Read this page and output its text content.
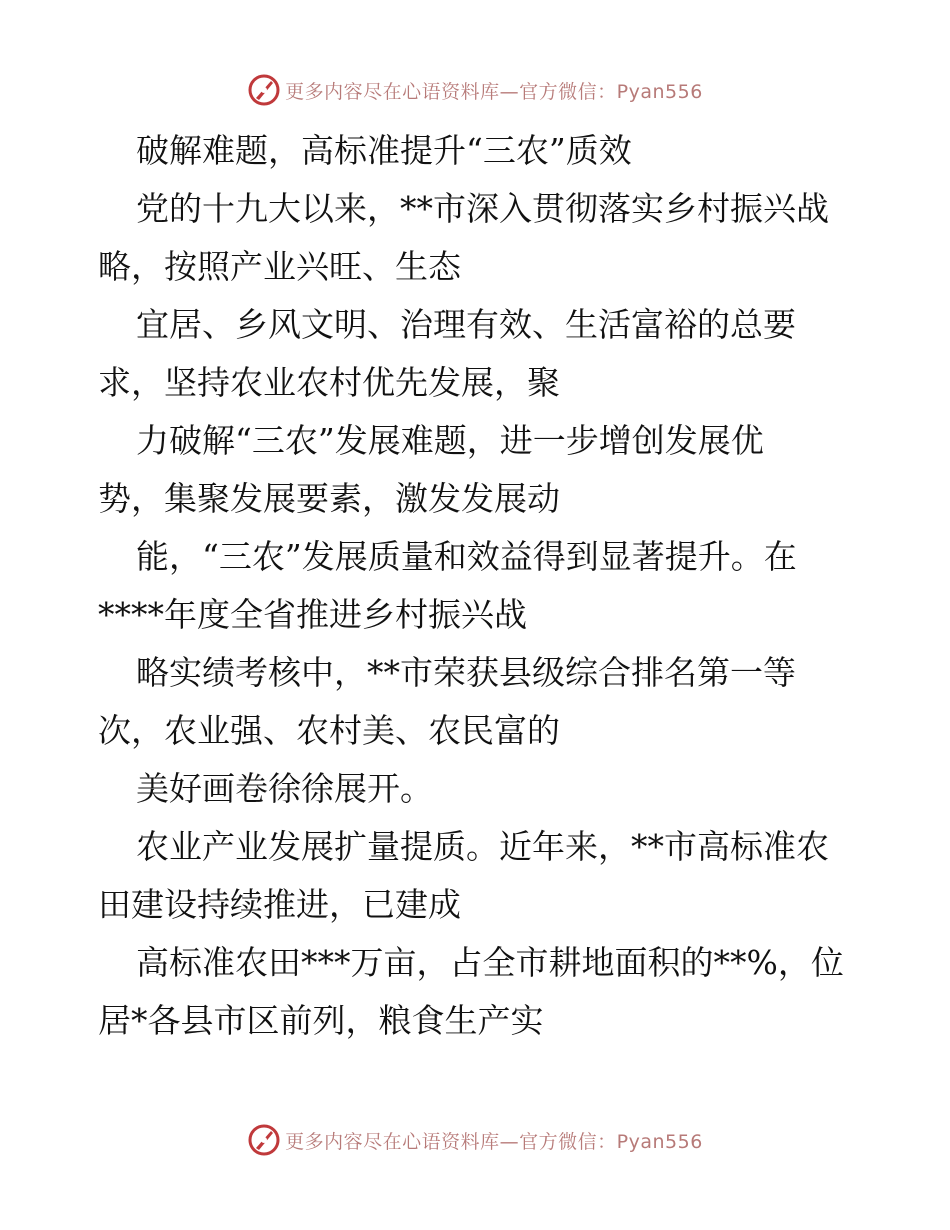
更多内容尽在心语资料库—官方微信：Pyan556
破解难题，高标准提升“三农”质效
党的十九大以来，**市深入贯彻落实乡村振兴战
略，按照产业兴旺、生态
宜居、乡风文明、治理有效、生活富裕的总要
求，坚持农业农村优先发展，聚
力破解“三农”发展难题，进一步增创发展优
势，集聚发展要素，激发发展动
能，“三农”发展质量和效益得到显著提升。在
****年度全省推进乡村振兴战
略实绩考核中，**市荣获县级综合排名第一等
次，农业强、农村美、农民富的
美好画卷徐徐展开。
农业产业发展扩量提质。近年来，**市高标准农
田建设持续推进，已建成
高标准农田***万亩，占全市耕地面积的**%，位
居*各县市区前列，粮食生产实
更多内容尽在心语资料库—官方微信：Pyan556
